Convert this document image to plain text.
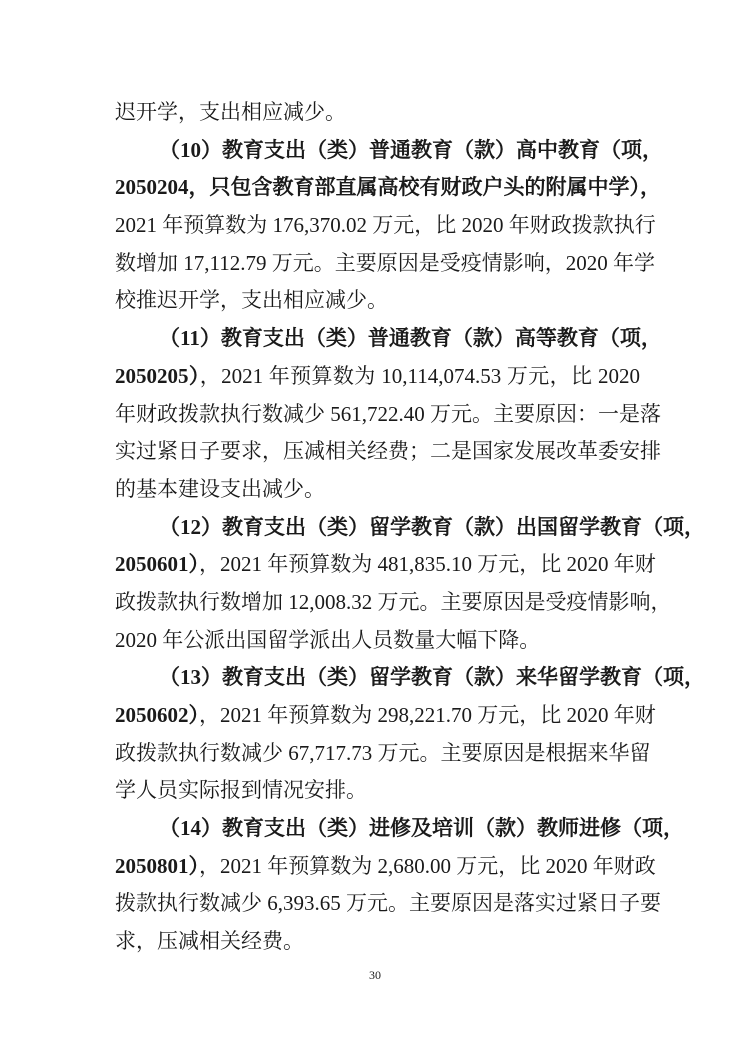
迟开学，支出相应减少。
（10）教育支出（类）普通教育（款）高中教育（项，
2050204，只包含教育部直属高校有财政户头的附属中学），
2021 年预算数为 176,370.02 万元，比 2020 年财政拨款执行
数增加 17,112.79 万元。主要原因是受疫情影响，2020 年学
校推迟开学，支出相应减少。
（11）教育支出（类）普通教育（款）高等教育（项，
2050205），2021 年预算数为 10,114,074.53 万元，比 2020
年财政拨款执行数减少 561,722.40 万元。主要原因：一是落
实过紧日子要求，压减相关经费；二是国家发展改革委安排
的基本建设支出减少。
（12）教育支出（类）留学教育（款）出国留学教育（项，
2050601），2021 年预算数为 481,835.10 万元，比 2020 年财
政拨款执行数增加 12,008.32 万元。主要原因是受疫情影响，
2020 年公派出国留学派出人员数量大幅下降。
（13）教育支出（类）留学教育（款）来华留学教育（项，
2050602），2021 年预算数为 298,221.70 万元，比 2020 年财
政拨款执行数减少 67,717.73 万元。主要原因是根据来华留
学人员实际报到情况安排。
（14）教育支出（类）进修及培训（款）教师进修（项，
2050801），2021 年预算数为 2,680.00 万元，比 2020 年财政
拨款执行数减少 6,393.65 万元。主要原因是落实过紧日子要
求，压减相关经费。
30
